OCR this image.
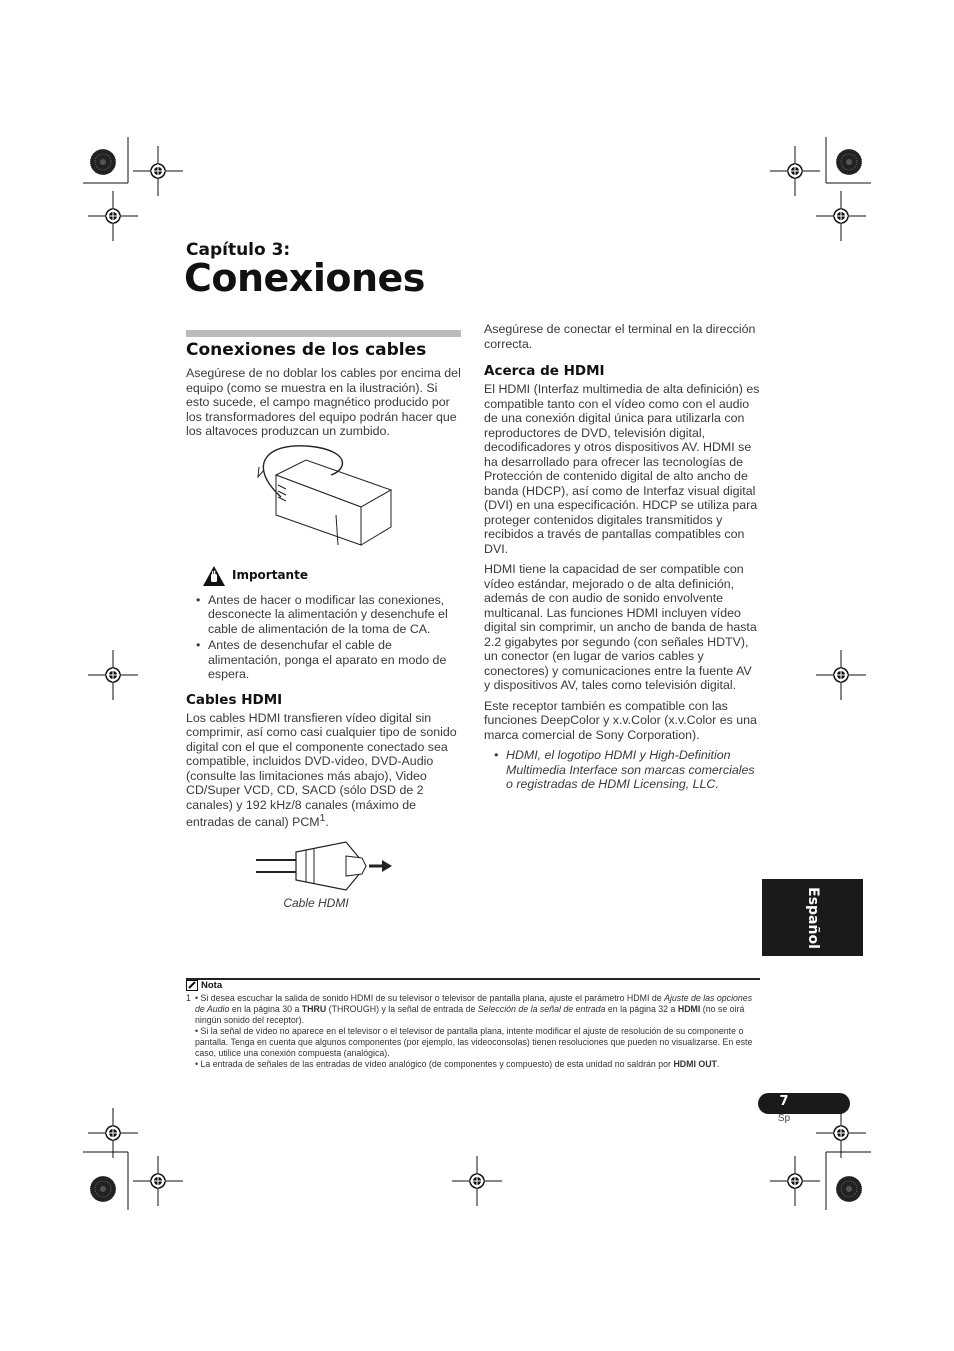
Capítulo 3:
Conexiones
Conexiones de los cables

Asegúrese de no doblar los cables por encima del equipo (como se muestra en la ilustración). Si esto sucede, el campo magnético producido por los transformadores del equipo podrán hacer que los altavoces produzcan un zumbido.

Importante
• Antes de hacer o modificar las conexiones, desconecte la alimentación y desenchufe el cable de alimentación de la toma de CA.
• Antes de desenchufar el cable de alimentación, ponga el aparato en modo de espera.
Cables HDMI

Los cables HDMI transfieren vídeo digital sin comprimir, así como casi cualquier tipo de sonido digital con el que el componente conectado sea compatible, incluidos DVD-video, DVD-Audio (consulte las limitaciones más abajo), Video CD/Super VCD, CD, SACD (sólo DSD de 2 canales) y 192 kHz/8 canales (máximo de entradas de canal) PCM$^1$.

Cable HDMI

Asegúrese de conectar el terminal en la dirección correcta.

Acerca de HDMI

El HDMI (Interfaz multimedia de alta definición) es compatible tanto con el vídeo como con el audio de una conexión digital única para utilizarla con reproductores de DVD, televisión digital, decodificadores y otros dispositivos AV. HDMI se ha desarrollado para ofrecer las tecnologías de Protección de contenido digital de alto ancho de banda (HDCP), así como de Interfaz visual digital (DVI) en una especificación. HDCP se utiliza para proteger contenidos digitales transmitidos y recibidos a través de pantallas compatibles con DVI.

HDMI tiene la capacidad de ser compatible con vídeo estándar, mejorado o de alta definición, además de con audio de sonido envolvente multicanal. Las funciones HDMI incluyen vídeo digital sin comprimir, un ancho de banda de hasta 2.2 gigabytes por segundo (con señales HDTV), un conector (en lugar de varios cables y conectores) y comunicaciones entre la fuente AV y dispositivos AV, tales como televisión digital.

Este receptor también es compatible con las funciones DeepColor y x.v.Color (x.v.Color es una marca comercial de Sony Corporation).

• HDMI, el logotipo HDMI y High-Definition Multimedia Interface son marcas comerciales o registradas de HDMI Licensing, LLC.
Español
Nota
1 • Si desea escuchar la salida de sonido HDMI de su televisor o televisor de pantalla plana, ajuste el parámetro HDMI de Ajuste de las opciones de Audio en la página 30 a THRU (THROUGH) y la señal de entrada de Selección de la señal de entrada en la página 32 a HDMI (no se oirá ningún sonido del receptor).
• Si la señal de vídeo no aparece en el televisor o el televisor de pantalla plana, intente modificar el ajuste de resolución de su componente o pantalla. Tenga en cuenta que algunos componentes (por ejemplo, las videoconsolas) tienen resoluciones que pueden no visualizarse. En este caso, utilice una conexión compuesta (analógica).
• La entrada de señales de las entradas de vídeo analógico (de componentes y compuesto) de esta unidad no saldrán por HDMI OUT.
7
Sp
